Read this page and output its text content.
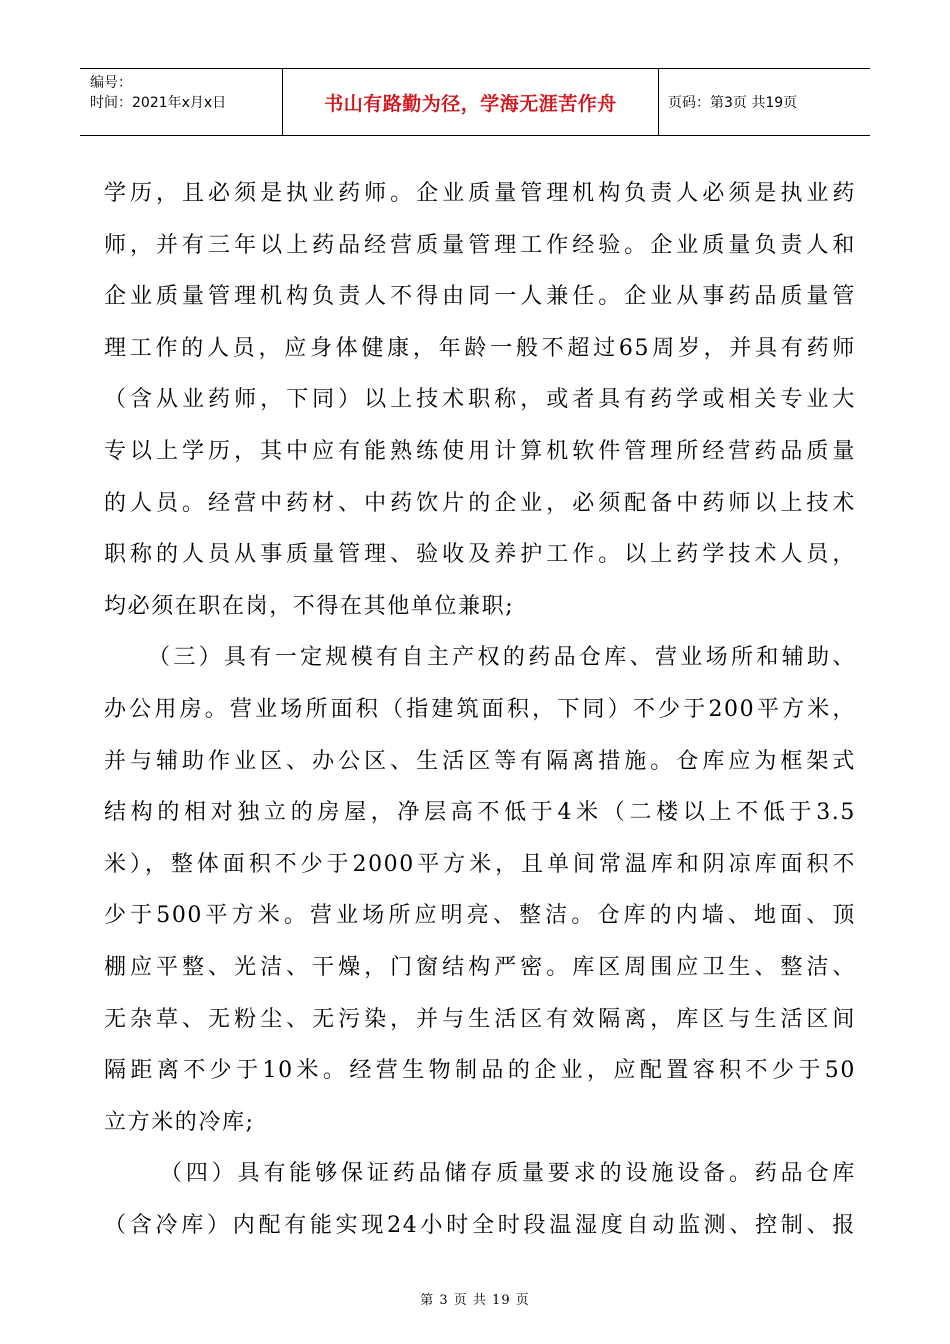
编号：
时间：2021年x月x日	书山有路勤为径，学海无涯苦作舟	页码：第3页 共19页
学历，且必须是执业药师。企业质量管理机构负责人必须是执业药
师，并有三年以上药品经营质量管理工作经验。企业质量负责人和
企业质量管理机构负责人不得由同一人兼任。企业从事药品质量管
理工作的人员，应身体健康，年龄一般不超过65周岁，并具有药师
（含从业药师，下同）以上技术职称，或者具有药学或相关专业大
专以上学历，其中应有能熟练使用计算机软件管理所经营药品质量
的人员。经营中药材、中药饮片的企业，必须配备中药师以上技术
职称的人员从事质量管理、验收及养护工作。以上药学技术人员，
均必须在职在岗，不得在其他单位兼职;
（三）具有一定规模有自主产权的药品仓库、营业场所和辅助、
办公用房。营业场所面积（指建筑面积，下同）不少于200平方米，
并与辅助作业区、办公区、生活区等有隔离措施。仓库应为框架式
结构的相对独立的房屋，净层高不低于4米（二楼以上不低于3.5
米），整体面积不少于2000平方米，且单间常温库和阴凉库面积不
少于500平方米。营业场所应明亮、整洁。仓库的内墙、地面、顶
棚应平整、光洁、干燥，门窗结构严密。库区周围应卫生、整洁、
无杂草、无粉尘、无污染，并与生活区有效隔离，库区与生活区间
隔距离不少于10米。经营生物制品的企业，应配置容积不少于50
立方米的冷库;
（四）具有能够保证药品储存质量要求的设施设备。药品仓库
（含冷库）内配有能实现24小时全时段温湿度自动监测、控制、报
第 3 页 共 19 页
